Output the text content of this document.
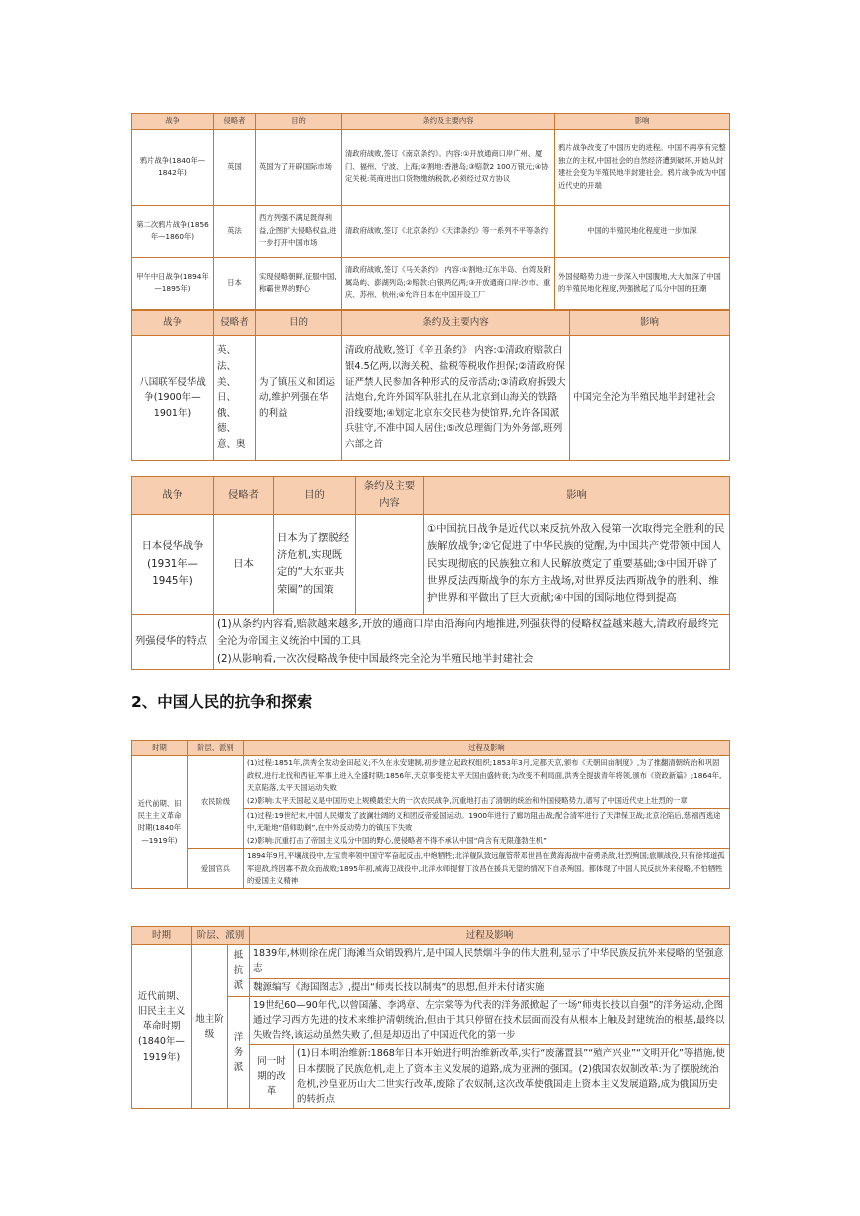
战争	侵略者	目的	条约及主要内容	影响
鸦片战争(1840年—1842年)	英国	英国为了开辟国际市场	清政府战败,签订《南京条约》。内容:①开放通商口岸广州、厦门、福州、宁波、上海;②割地:香港岛;③赔款2 100万银元;④协定关税:英商进出口货物缴纳税款,必须经过双方协议	鸦片战争改变了中国历史的进程。中国不再享有完整独立的主权,中国社会的自然经济遭到破坏,开始从封建社会变为半殖民地半封建社会。鸦片战争成为中国近代史的开端
第二次鸦片战争(1856年—1860年)	英法	西方列强不满足既得利益,企图扩大侵略权益,进一步打开中国市场	清政府战败,签订《北京条约》《天津条约》等一系列不平等条约	中国的半殖民地化程度进一步加深
甲午中日战争(1894年—1895年)	日本	实现侵略朝鲜,征服中国,称霸世界的野心	清政府战败,签订《马关条约》 内容:①割地:辽东半岛、台湾及附属岛屿、澎湖列岛;②赔款:白银两亿两;③开放通商口岸:沙市、重庆、苏州、杭州;④允许日本在中国开设工厂	外国侵略势力进一步深入中国腹地,大大加深了中国的半殖民地化程度,列强掀起了瓜分中国的狂潮
战争	侵略者	目的	条约及主要内容	影响
八国联军侵华战争(1900年—1901年)	英、法、美、日、俄、德、意、奥	为了镇压义和团运动,维护列强在华的利益	清政府战败,签订《辛丑条约》 内容:①清政府赔款白银4.5亿两,以海关税、盐税等税收作担保;②清政府保证严禁人民参加各种形式的反帝活动;③清政府拆毁大沽炮台,允许外国军队驻扎在从北京到山海关的铁路沿线要地;④划定北京东交民巷为使馆界,允许各国派兵驻守,不准中国人居住;⑤改总理衙门为外务部,班列六部之首	中国完全沦为半殖民地半封建社会
战争	侵略者	目的	条约及主要内容	影响
日本侵华战争(1931年—1945年)	日本	日本为了摆脱经济危机,实现既定的“大东亚共荣圈”的国策		①中国抗日战争是近代以来反抗外敌入侵第一次取得完全胜利的民族解放战争;②它促进了中华民族的觉醒,为中国共产党带领中国人民实现彻底的民族独立和人民解放奠定了重要基础;③中国开辟了世界反法西斯战争的东方主战场,对世界反法西斯战争的胜利、维护世界和平做出了巨大贡献;④中国的国际地位得到提高
列强侵华的特点	(1)从条约内容看,赔款越来越多,开放的通商口岸由沿海向内地推进,列强获得的侵略权益越来越大,清政府最终完全沦为帝国主义统治中国的工具
(2)从影响看,一次次侵略战争使中国最终完全沦为半殖民地半封建社会			
2、中国人民的抗争和探索
时期	阶层、派别	过程及影响
近代前期、旧民主主义革命时期(1840年—1919年)	农民阶级	(1)过程:1851年,洪秀全发动金田起义;不久在永安建制,初步建立起政权组织;1853年3月,定都天京,颁布《天朝田亩制度》,为了推翻清朝统治和巩固政权,进行北伐和西征,军事上进入全盛时期;1856年,天京事变使太平天国由盛转衰;为改变不利局面,洪秀全提拔青年将领,颁布《资政新篇》;1864年,天京陷落,太平天国运动失败
(2)影响:太平天国起义是中国历史上规模最宏大的一次农民战争,沉重地打击了清朝的统治和外国侵略势力,谱写了中国近代史上壮烈的一章

		(1)过程:19世纪末,中国人民爆发了波澜壮阔的义和团反帝爱国运动。1900年进行了廊坊阻击战;配合清军进行了天津保卫战;北京沦陷后,慈禧西逃途中,无耻地“借师助剿”,在中外反动势力的镇压下失败
(2)影响:沉重打击了帝国主义瓜分中国的野心,使侵略者不得不承认中国“尚含有无限蓬勃生机”

	爱国官兵	1894年9月,平壤战役中,左宝贵率领中国守军奋起反击,中炮牺牲;北洋舰队致远舰管带邓世昌在黄海海战中奋勇杀敌,壮烈殉国;旅顺战役,只有徐邦道孤军迎敌,终因寡不敌众而战败;1895年初,威海卫战役中,北洋水师提督丁汝昌在援兵无望的情况下自杀殉国。都体现了中国人民反抗外来侵略,不怕牺牲的爱国主义精神
时期	阶层、派别		过程及影响	
近代前期、旧民主主义革命时期(1840年—1919年)	地主阶级	抵抗派	1839年,林则徐在虎门海滩当众销毁鸦片,是中国人民禁烟斗争的伟大胜利,显示了中华民族反抗外来侵略的坚强意志	
			魏源编写《海国图志》,提出“师夷长技以制夷”的思想,但并未付诸实施	
		洋务派	19世纪60—90年代,以曾国藩、李鸿章、左宗棠等为代表的洋务派掀起了一场“师夷长技以自强”的洋务运动,企图通过学习西方先进的技术来维护清朝统治,但由于其只停留在技术层面而没有从根本上触及封建统治的根基,最终以失败告终,该运动虽然失败了,但是却迈出了中国近代化的第一步	
			同一时期的改革	(1)日本明治维新:1868年日本开始进行明治维新改革,实行“废藩置县”“殖产兴业”“文明开化”等措施,使日本摆脱了民族危机,走上了资本主义发展的道路,成为亚洲的强国。(2)俄国农奴制改革:为了摆脱统治危机,沙皇亚历山大二世实行改革,废除了农奴制,这次改革使俄国走上资本主义发展道路,成为俄国历史的转折点
